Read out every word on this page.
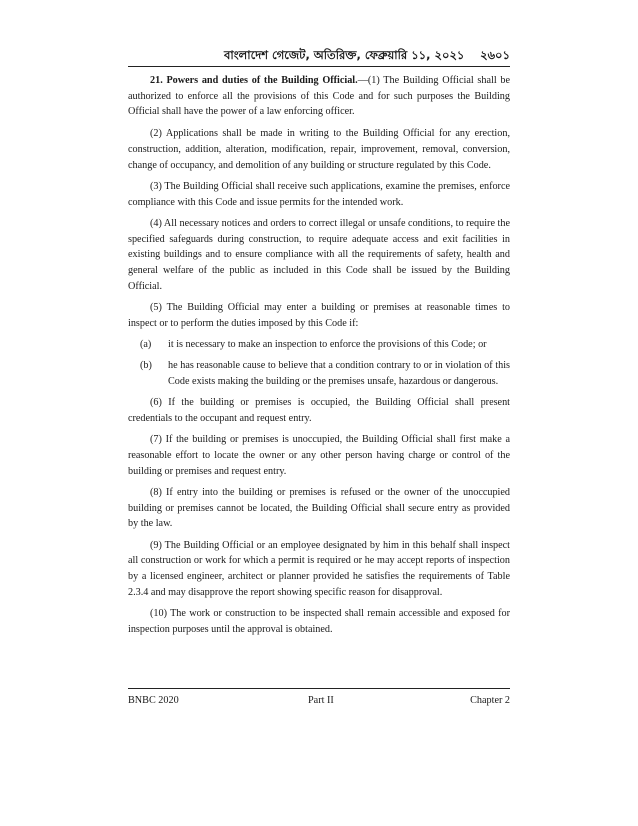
বাংলাদেশ গেজেট, অতিরিক্ত, ফেব্রুয়ারি ১১, ২০২১ ২৬০১

21. Powers and duties of the Building Official.—(1) The Building Official shall be authorized to enforce all the provisions of this Code and for such purposes the Building Official shall have the power of a law enforcing officer.

(2) Applications shall be made in writing to the Building Official for any erection, construction, addition, alteration, modification, repair, improvement, removal, conversion, change of occupancy, and demolition of any building or structure regulated by this Code.

(3) The Building Official shall receive such applications, examine the premises, enforce compliance with this Code and issue permits for the intended work.

(4) All necessary notices and orders to correct illegal or unsafe conditions, to require the specified safeguards during construction, to require adequate access and exit facilities in existing buildings and to ensure compliance with all the requirements of safety, health and general welfare of the public as included in this Code shall be issued by the Building Official.

(5) The Building Official may enter a building or premises at reasonable times to inspect or to perform the duties imposed by this Code if:

(a)	it is necessary to make an inspection to enforce the provisions of this Code; or
(b)	he has reasonable cause to believe that a condition contrary to or in violation of this Code exists making the building or the premises unsafe, hazardous or dangerous.

(6) If the building or premises is occupied, the Building Official shall present credentials to the occupant and request entry.

(7) If the building or premises is unoccupied, the Building Official shall first make a reasonable effort to locate the owner or any other person having charge or control of the building or premises and request entry.

(8) If entry into the building or premises is refused or the owner of the unoccupied building or premises cannot be located, the Building Official shall secure entry as provided by the law.

(9) The Building Official or an employee designated by him in this behalf shall inspect all construction or work for which a permit is required or he may accept reports of inspection by a licensed engineer, architect or planner provided he satisfies the requirements of Table 2.3.4 and may disapprove the report showing specific reason for disapproval.

(10) The work or construction to be inspected shall remain accessible and exposed for inspection purposes until the approval is obtained.

BNBC 2020	Part II	Chapter 2
